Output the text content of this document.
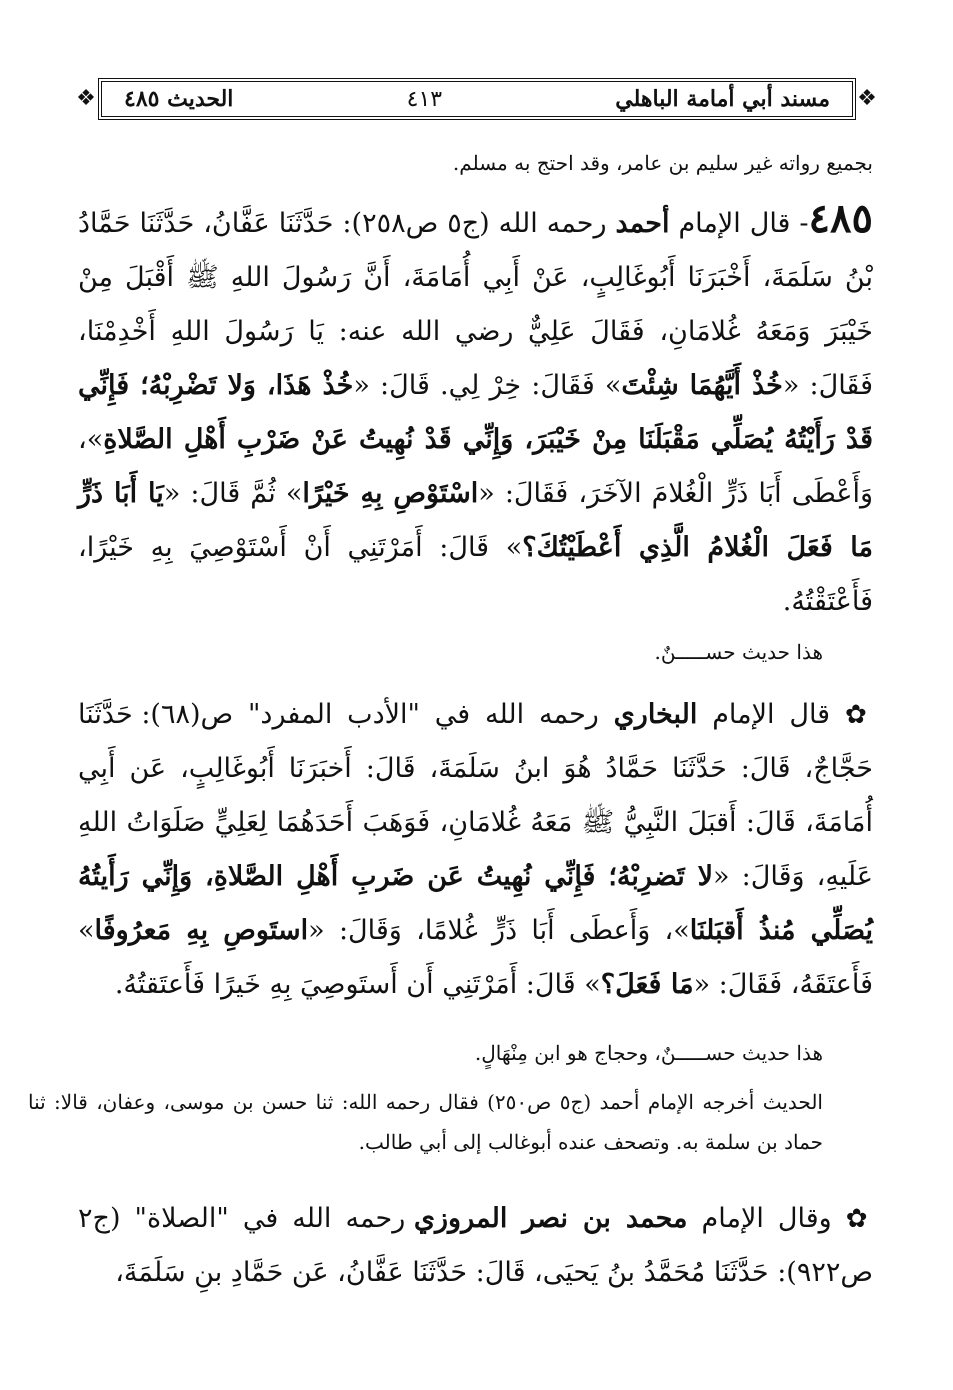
❖
❖	مسند أبي أمامة الباهلي
٤١٣
الحديث ٤٨٥
بجميع رواته غير سليم بن عامر، وقد احتج به مسلم.
٤٨٥- قال الإمام أحمد رحمه الله (ج٥ ص٢٥٨): حَدَّثَنَا عَفَّانُ، حَدَّثَنَا حَمَّادُ بْنُ سَلَمَةَ، أَخْبَرَنَا أَبُوغَالِبٍ، عَنْ أَبِي أُمَامَةَ، أَنَّ رَسُولَ اللهِ ﷺ أَقْبَلَ مِنْ خَيْبَرَ وَمَعَهُ غُلامَانِ، فَقَالَ عَلِيٌّ رضي الله عنه: يَا رَسُولَ اللهِ أَخْدِمْنَا، فَقَالَ: «خُذْ أَيَّهُمَا شِئْتَ» فَقَالَ: خِرْ لِي. قَالَ: «خُذْ هَذَا، وَلا تَضْرِبْهُ؛ فَإِنِّي قَدْ رَأَيْتُهُ يُصَلِّي مَقْبَلَنَا مِنْ خَيْبَرَ، وَإِنِّي قَدْ نُهِيتُ عَنْ ضَرْبِ أَهْلِ الصَّلاةِ»، وَأَعْطَى أَبَا ذَرٍّ الْغُلامَ الآخَرَ، فَقَالَ: «اسْتَوْصِ بِهِ خَيْرًا» ثُمَّ قَالَ: «يَا أَبَا ذَرٍّ مَا فَعَلَ الْغُلامُ الَّذِي أَعْطَيْتُكَ؟» قَالَ: أَمَرْتَنِي أَنْ أَسْتَوْصِيَ بِهِ خَيْرًا، فَأَعْتَقْتُهُ.
هذا حديث حســـــنٌ.
✿ قال الإمام البخاري رحمه الله في "الأدب المفرد" ص(٦٨): حَدَّثَنَا حَجَّاجٌ، قَالَ: حَدَّثَنَا حَمَّادُ هُوَ ابنُ سَلَمَةَ، قَالَ: أَخبَرَنَا أَبُوغَالِبٍ، عَن أَبِي أُمَامَةَ، قَالَ: أَقبَلَ النَّبِيُّ ﷺ مَعَهُ غُلامَانِ، فَوَهَبَ أَحَدَهُمَا لِعَلِيٍّ صَلَوَاتُ اللهِ عَلَيهِ، وَقَالَ: «لا تَضرِبْهُ؛ فَإِنِّي نُهِيتُ عَن ضَربِ أَهْلِ الصَّلاةِ، وَإِنِّي رَأَيتُهُ يُصَلِّي مُنذُ أَقبَلنَا»، وَأَعطَى أَبَا ذَرٍّ غُلامًا، وَقَالَ: «استَوصِ بِهِ مَعرُوفًا» فَأَعتَقَهُ، فَقَالَ: «مَا فَعَلَ؟» قَالَ: أَمَرْتَنِي أَن أَستَوصِيَ بِهِ خَيرًا فَأَعتَقتُهُ.
هذا حديث حســـــنٌ، وحجاج هو ابن مِنْهَالٍ.
الحديث أخرجه الإمام أحمد (ج٥ ص٢٥٠) فقال رحمه الله: ثنا حسن بن موسى، وعفان، قالا: ثنا حماد بن سلمة به. وتصحف عنده أبوغالب إلى أبي طالب.
✿ وقال الإمام محمد بن نصر المروزي رحمه الله في "الصلاة" (ج٢ ص٩٢٢): حَدَّثَنَا مُحَمَّدُ بنُ يَحيَى، قَالَ: حَدَّثَنَا عَفَّانُ، عَن حَمَّادِ بنِ سَلَمَةَ،
